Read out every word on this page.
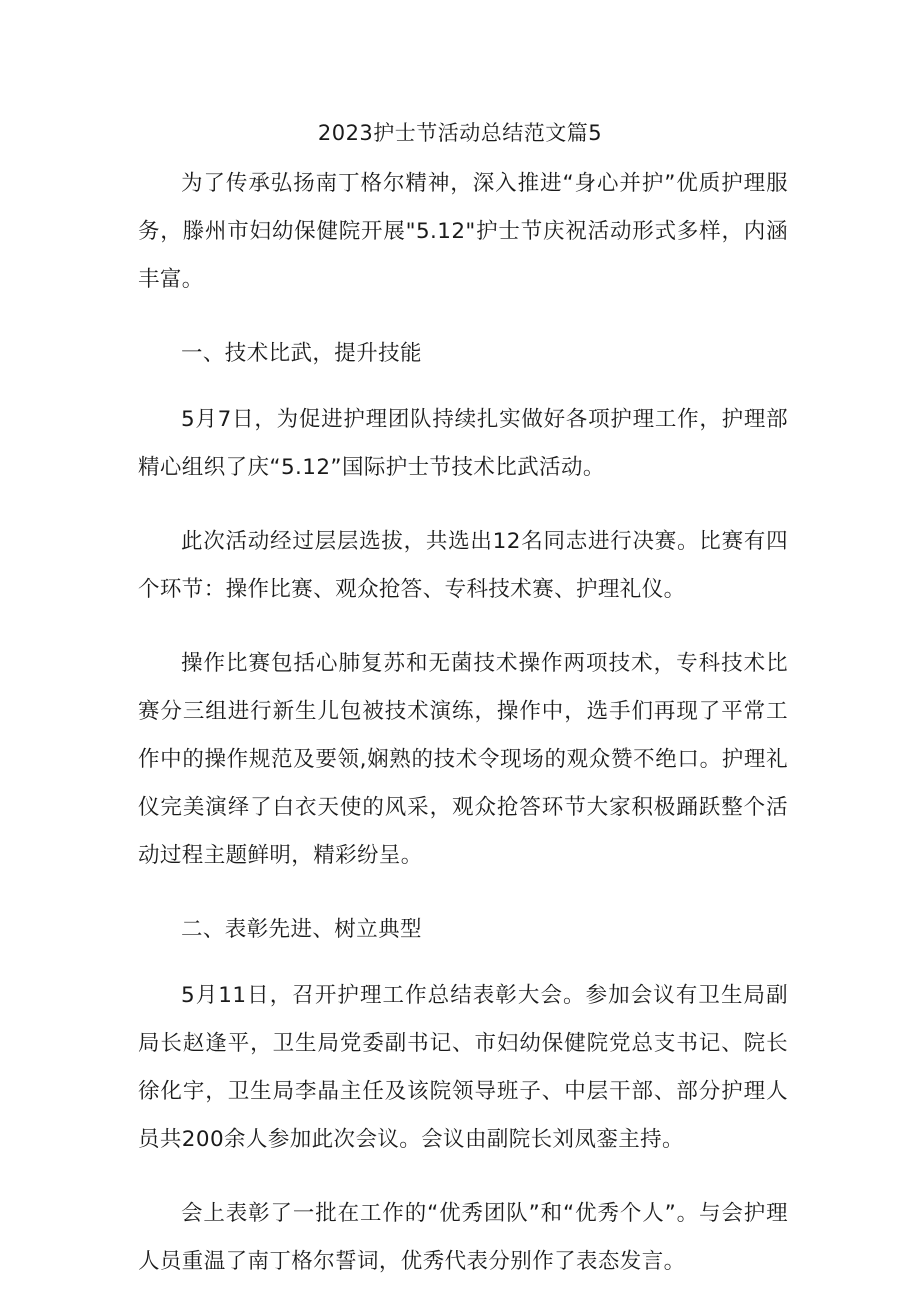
2023护士节活动总结范文篇5

为了传承弘扬南丁格尔精神，深入推进“身心并护”优质护理服务，滕州市妇幼保健院开展"5.12"护士节庆祝活动形式多样，内涵丰富。

一、技术比武，提升技能

5月7日，为促进护理团队持续扎实做好各项护理工作，护理部精心组织了庆“5.12”国际护士节技术比武活动。

此次活动经过层层选拔，共选出12名同志进行决赛。比赛有四个环节：操作比赛、观众抢答、专科技术赛、护理礼仪。

操作比赛包括心肺复苏和无菌技术操作两项技术，专科技术比赛分三组进行新生儿包被技术演练，操作中，选手们再现了平常工作中的操作规范及要领,娴熟的技术令现场的观众赞不绝口。护理礼仪完美演绎了白衣天使的风采，观众抢答环节大家积极踊跃整个活动过程主题鲜明，精彩纷呈。

二、表彰先进、树立典型

5月11日，召开护理工作总结表彰大会。参加会议有卫生局副局长赵逢平，卫生局党委副书记、市妇幼保健院党总支书记、院长徐化宇，卫生局李晶主任及该院领导班子、中层干部、部分护理人员共200余人参加此次会议。会议由副院长刘凤銮主持。

会上表彰了一批在工作的“优秀团队”和“优秀个人”。与会护理人员重温了南丁格尔誓词，优秀代表分别作了表态发言。
